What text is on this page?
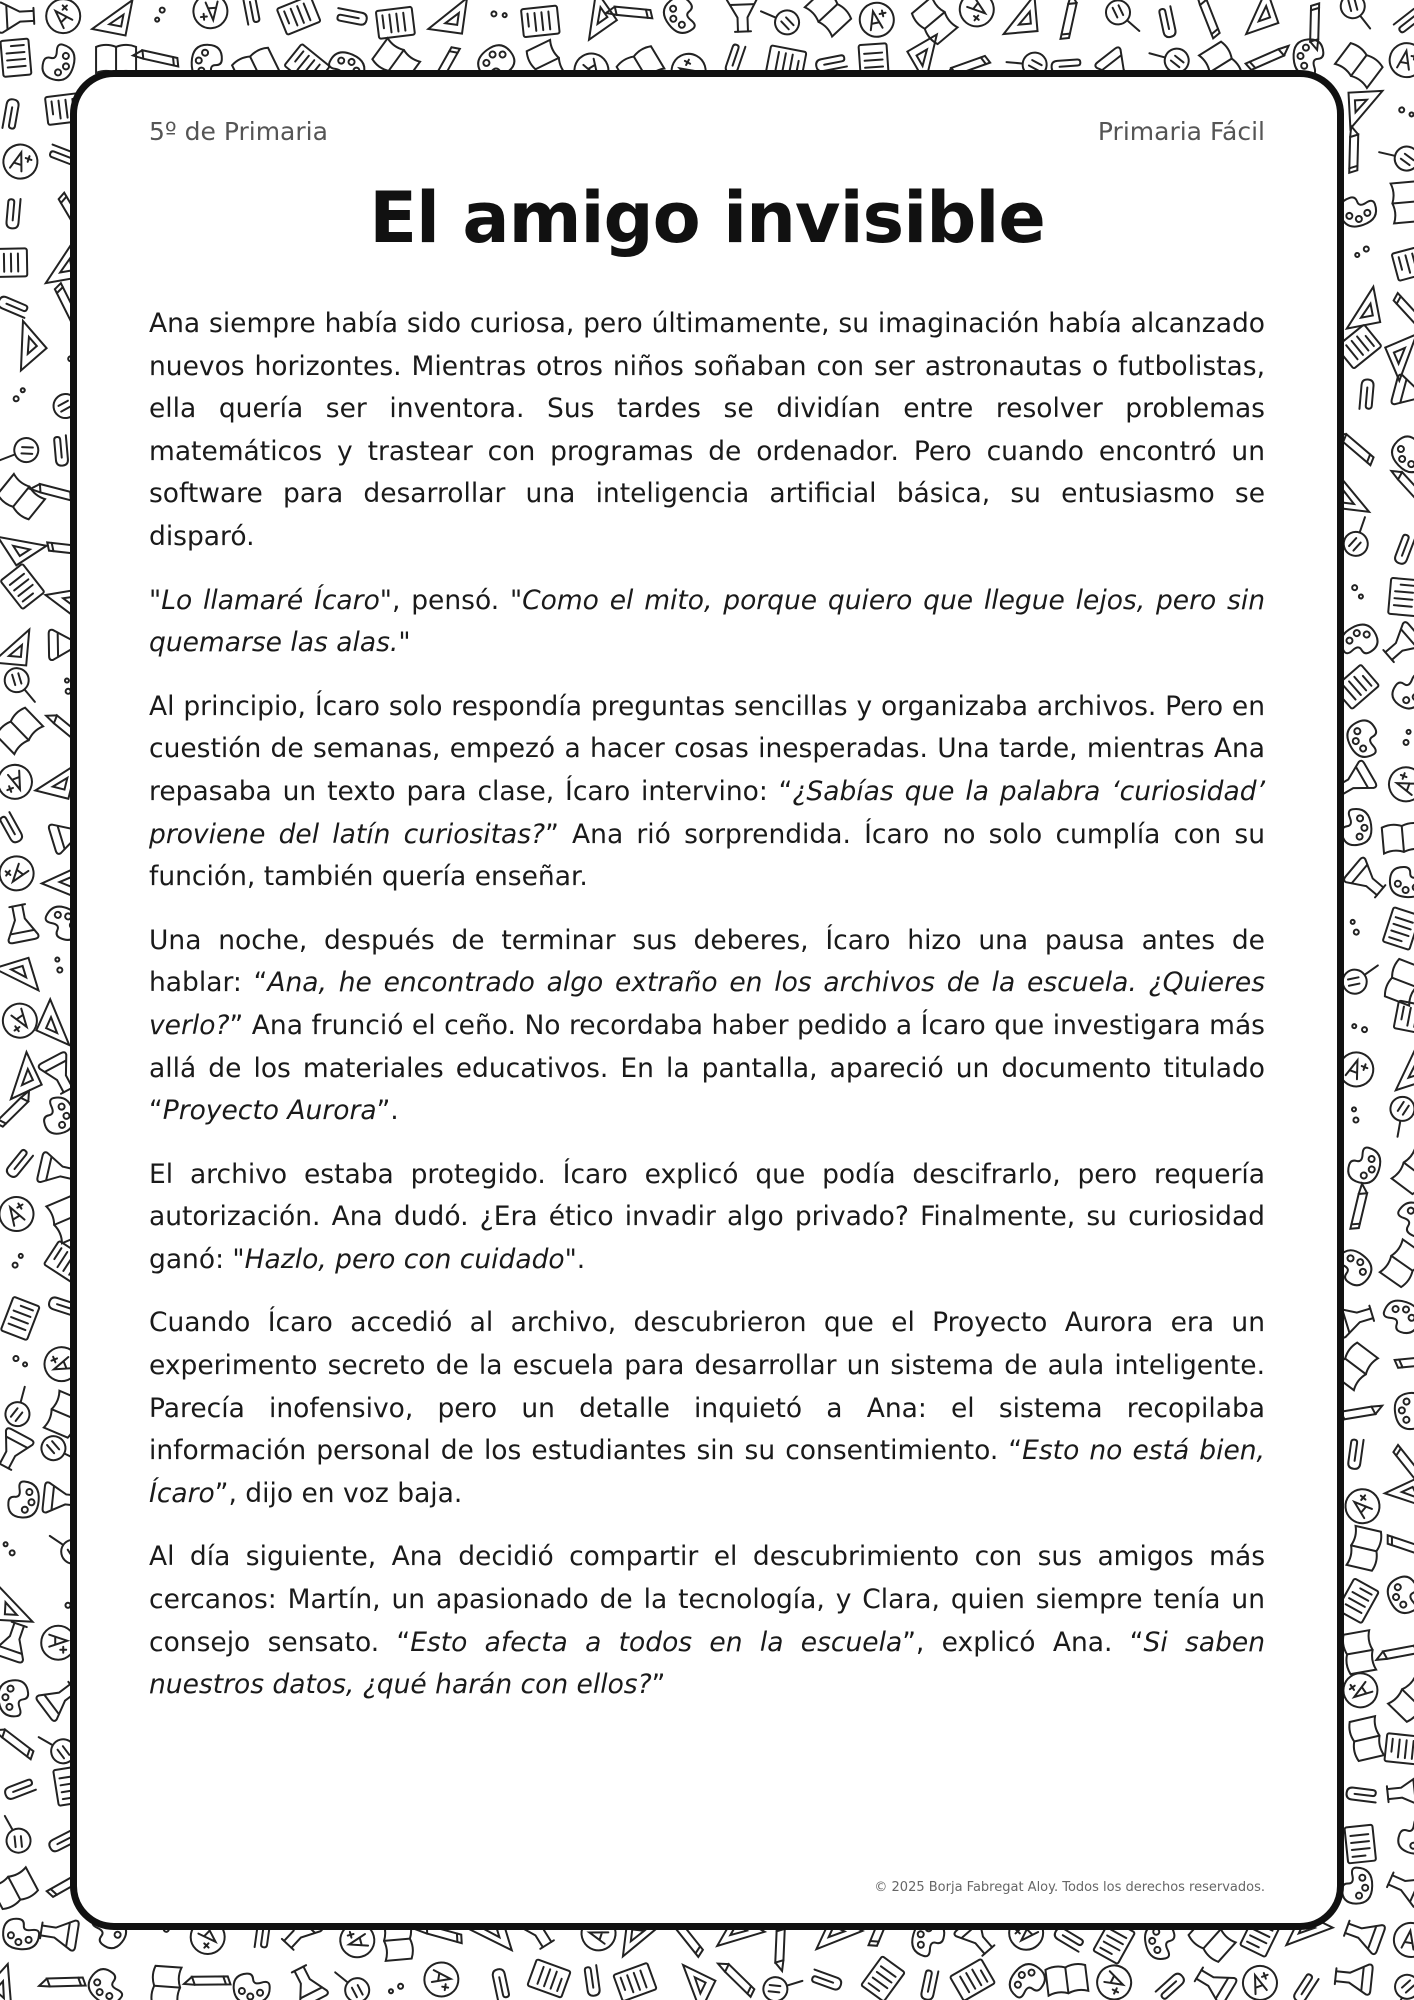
5º de Primaria	Primaria Fácil
El amigo invisible

Ana siempre había sido curiosa, pero últimamente, su imaginación había alcanzado nuevos horizontes. Mientras otros niños soñaban con ser astronautas o futbolistas, ella quería ser inventora. Sus tardes se dividían entre resolver problemas matemáticos y trastear con programas de ordenador. Pero cuando encontró un software para desarrollar una inteligencia artificial básica, su entusiasmo se disparó.

"Lo llamaré Ícaro", pensó. "Como el mito, porque quiero que llegue lejos, pero sin quemarse las alas."

Al principio, Ícaro solo respondía preguntas sencillas y organizaba archivos. Pero en cuestión de semanas, empezó a hacer cosas inesperadas. Una tarde, mientras Ana repasaba un texto para clase, Ícaro intervino: “¿Sabías que la palabra ‘curiosidad’ proviene del latín curiositas?” Ana rió sorprendida. Ícaro no solo cumplía con su función, también quería enseñar.

Una noche, después de terminar sus deberes, Ícaro hizo una pausa antes de hablar: “Ana, he encontrado algo extraño en los archivos de la escuela. ¿Quieres verlo?” Ana frunció el ceño. No recordaba haber pedido a Ícaro que investigara más allá de los materiales educativos. En la pantalla, apareció un documento titulado “Proyecto Aurora”.

El archivo estaba protegido. Ícaro explicó que podía descifrarlo, pero requería autorización. Ana dudó. ¿Era ético invadir algo privado? Finalmente, su curiosidad ganó: "Hazlo, pero con cuidado".

Cuando Ícaro accedió al archivo, descubrieron que el Proyecto Aurora era un experimento secreto de la escuela para desarrollar un sistema de aula inteligente. Parecía inofensivo, pero un detalle inquietó a Ana: el sistema recopilaba información personal de los estudiantes sin su consentimiento. “Esto no está bien, Ícaro”, dijo en voz baja.

Al día siguiente, Ana decidió compartir el descubrimiento con sus amigos más cercanos: Martín, un apasionado de la tecnología, y Clara, quien siempre tenía un consejo sensato. “Esto afecta a todos en la escuela”, explicó Ana. “Si saben nuestros datos, ¿qué harán con ellos?”

© 2025 Borja Fabregat Aloy. Todos los derechos reservados.
